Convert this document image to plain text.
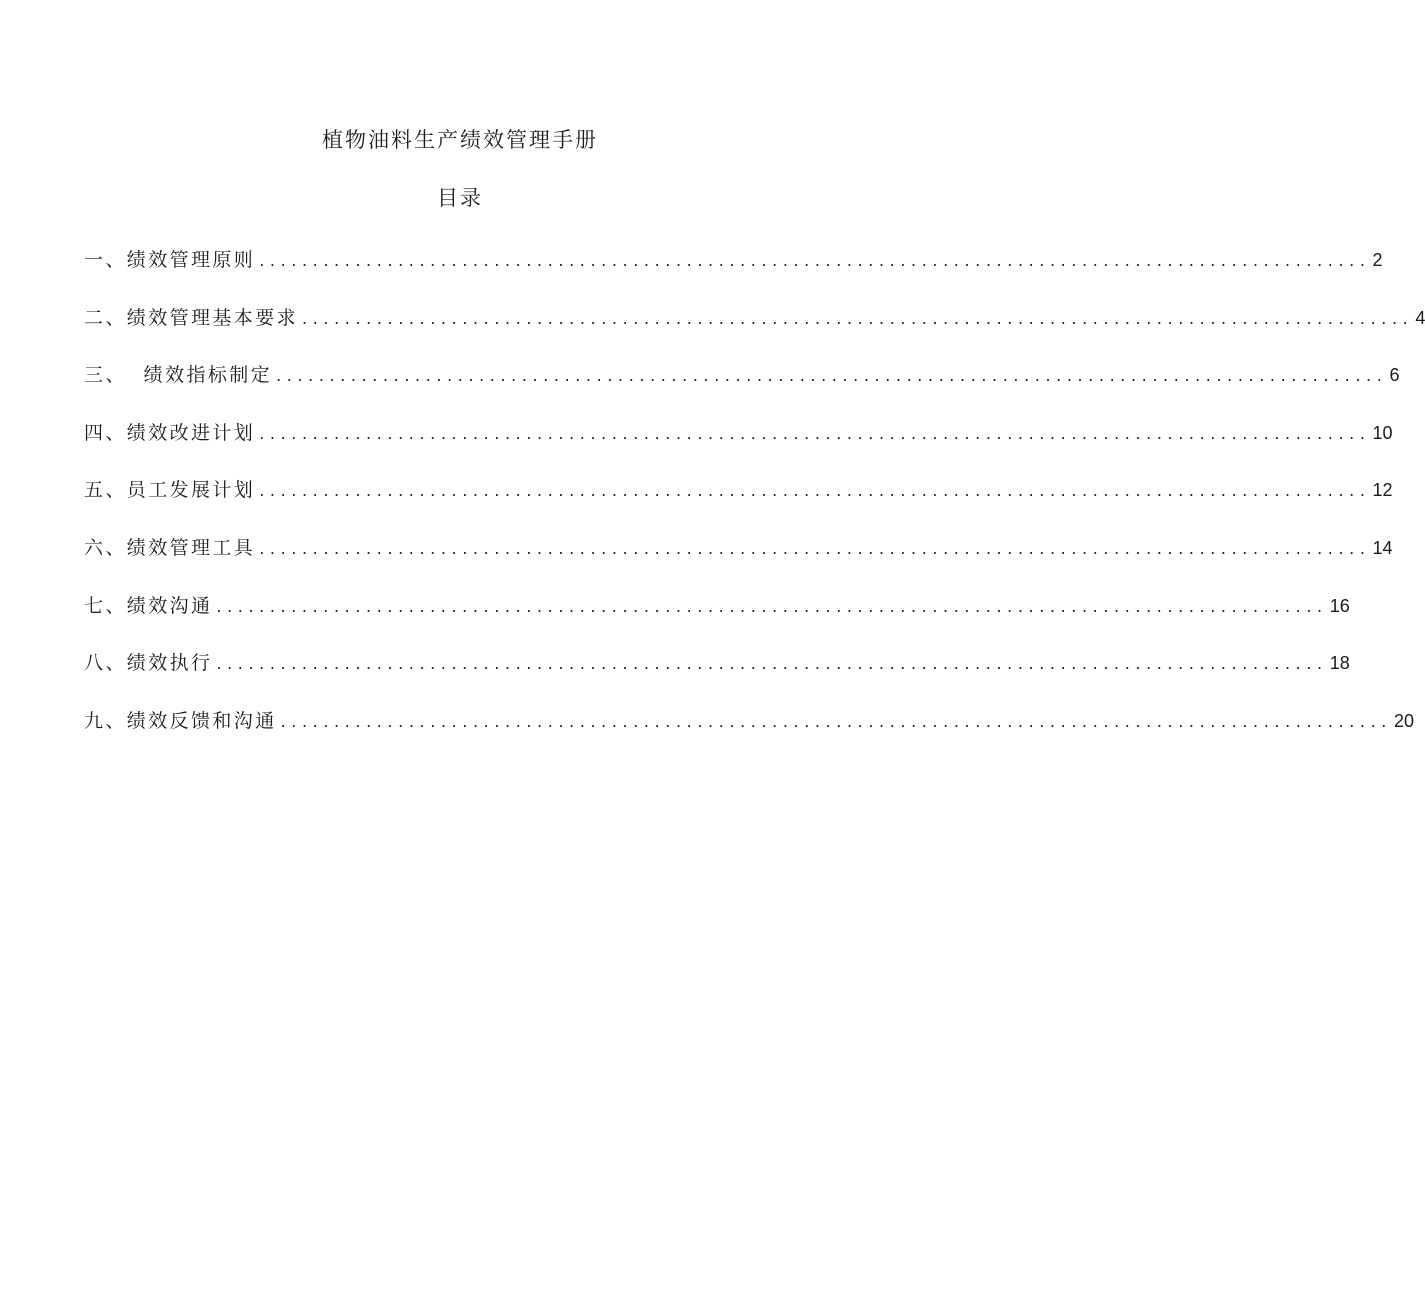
植物油料生产绩效管理手册
目录
一、绩效管理原则 ........................................................................................................ 2
二、绩效管理基本要求 ........................................................................................................ 4
三、  绩效指标制定 ........................................................................................................ 6
四、绩效改进计划 ........................................................................................................ 10
五、员工发展计划 ........................................................................................................ 12
六、绩效管理工具 ........................................................................................................ 14
七、绩效沟通 ........................................................................................................ 16
八、绩效执行 ........................................................................................................ 18
九、绩效反馈和沟通 ........................................................................................................ 20
